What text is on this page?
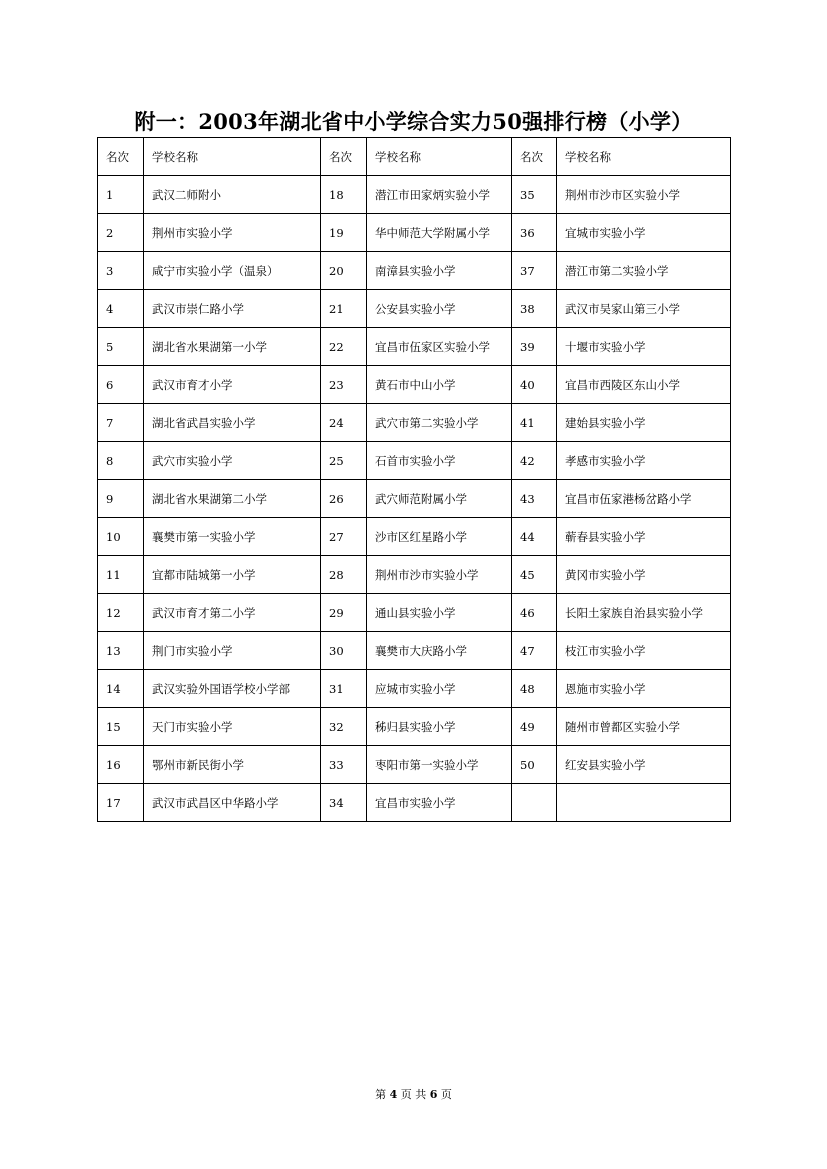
附一：2003年湖北省中小学综合实力50强排行榜（小学）
名次	学校名称	名次	学校名称	名次	学校名称
1	武汉二师附小	18	潜江市田家炳实验小学	35	荆州市沙市区实验小学
2	荆州市实验小学	19	华中师范大学附属小学	36	宜城市实验小学
3	咸宁市实验小学（温泉）	20	南漳县实验小学	37	潜江市第二实验小学
4	武汉市崇仁路小学	21	公安县实验小学	38	武汉市吴家山第三小学
5	湖北省水果湖第一小学	22	宜昌市伍家区实验小学	39	十堰市实验小学
6	武汉市育才小学	23	黄石市中山小学	40	宜昌市西陵区东山小学
7	湖北省武昌实验小学	24	武穴市第二实验小学	41	建始县实验小学
8	武穴市实验小学	25	石首市实验小学	42	孝感市实验小学
9	湖北省水果湖第二小学	26	武穴师范附属小学	43	宜昌市伍家港杨岔路小学
10	襄樊市第一实验小学	27	沙市区红星路小学	44	蕲春县实验小学
11	宜都市陆城第一小学	28	荆州市沙市实验小学	45	黄冈市实验小学
12	武汉市育才第二小学	29	通山县实验小学	46	长阳土家族自治县实验小学
13	荆门市实验小学	30	襄樊市大庆路小学	47	枝江市实验小学
14	武汉实验外国语学校小学部	31	应城市实验小学	48	恩施市实验小学
15	天门市实验小学	32	秭归县实验小学	49	随州市曾都区实验小学
16	鄂州市新民街小学	33	枣阳市第一实验小学	50	红安县实验小学
17	武汉市武昌区中华路小学	34	宜昌市实验小学		
第 4 页 共 6 页
